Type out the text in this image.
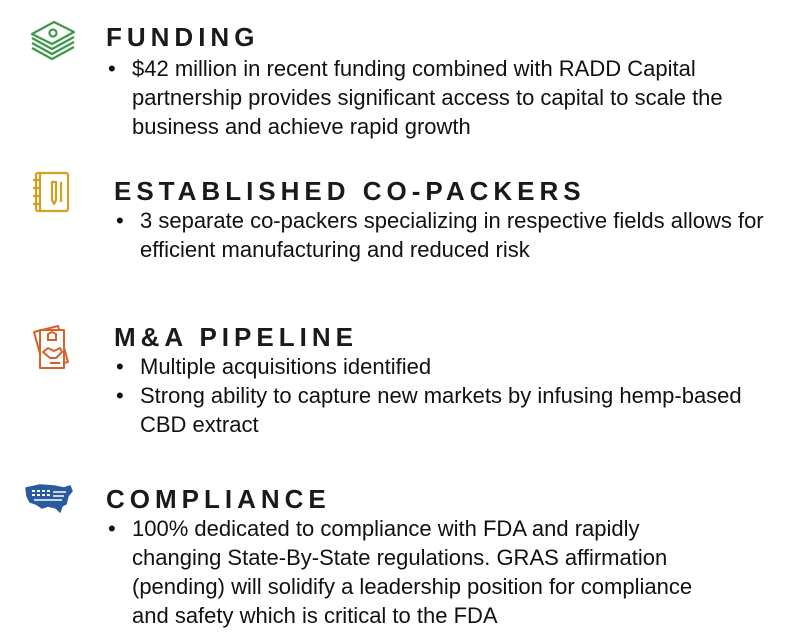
FUNDING
• $42 million in recent funding combined with RADD Capital partnership provides significant access to capital to scale the business and achieve rapid growth
ESTABLISHED CO-PACKERS
• 3 separate co-packers specializing in respective fields allows for efficient manufacturing and reduced risk
M&A PIPELINE
• Multiple acquisitions identified
• Strong ability to capture new markets by infusing hemp-based CBD extract
COMPLIANCE
• 100% dedicated to compliance with FDA and rapidly changing State-By-State regulations. GRAS affirmation (pending) will solidify a leadership position for compliance and safety which is critical to the FDA
